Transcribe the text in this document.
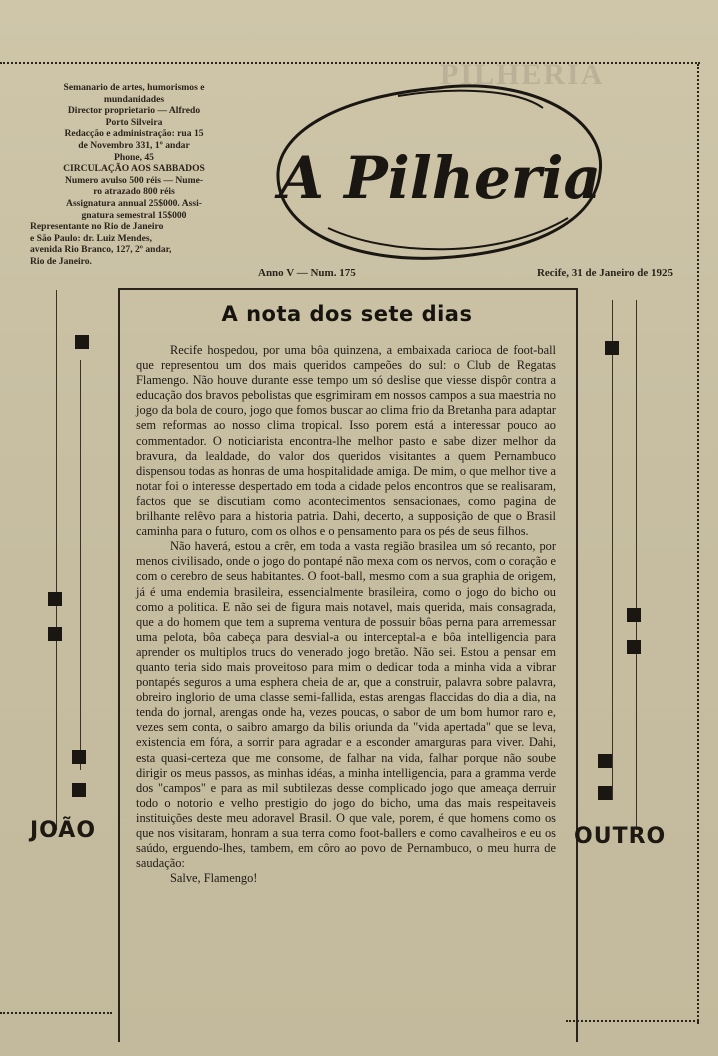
PILHERIA
Semanario de artes, humorismos e
mundanidades
Director proprietario — Alfredo
Porto Silveira
Redacção e administração: rua 15
de Novembro 331, 1º andar
Phone, 45
CIRCULAÇÃO AOS SABBADOS
Numero avulso 500 réis — Nume-
ro atrazado 800 réis
Assignatura annual 25$000. Assi-
gnatura semestral 15$000
Representante no Rio de Janeiro
e São Paulo: dr. Luiz Mendes,
avenida Rio Branco, 127, 2º andar,
Rio de Janeiro.
A Pilheria
Anno V — Num. 175	Recife, 31 de Janeiro de 1925
A nota dos sete dias

Recife hospedou, por uma bôa quinzena, a embaixada carioca de foot-ball que representou um dos mais queridos campeões do sul: o Club de Regatas Flamengo. Não houve durante esse tempo um só deslise que viesse dispôr contra a educação dos bravos pebolistas que esgrimiram em nossos campos a sua maestria no jogo da bola de couro, jogo que fomos buscar ao clima frio da Bretanha para adaptar sem reformas ao nosso clima tropical. Isso porem está a interessar pouco ao commentador. O noticiarista encontra-lhe melhor pasto e sabe dizer melhor da bravura, da lealdade, do valor dos queridos visitantes a quem Pernambuco dispensou todas as honras de uma hospitalidade amiga. De mim, o que melhor tive a notar foi o interesse despertado em toda a cidade pelos encontros que se realisaram, factos que se discutiam como acontecimentos sensacionaes, como pagina de brilhante relêvo para a historia patria. Dahi, decerto, a supposição de que o Brasil caminha para o futuro, com os olhos e o pensamento para os pés de seus filhos.

Não haverá, estou a crêr, em toda a vasta região brasilea um só recanto, por menos civilisado, onde o jogo do pontapé não mexa com os nervos, com o coração e com o cerebro de seus habitantes. O foot-ball, mesmo com a sua graphia de origem, já é uma endemia brasileira, essencialmente brasileira, como o jogo do bicho ou como a politica. E não sei de figura mais notavel, mais querida, mais consagrada, que a do homem que tem a suprema ventura de possuir bôas perna para arremessar uma pelota, bôa cabeça para desvial-a ou interceptal-a e bôa intelligencia para aprender os multiplos trucs do venerado jogo bretão. Não sei. Estou a pensar em quanto teria sido mais proveitoso para mim o dedicar toda a minha vida a vibrar pontapés seguros a uma esphera cheia de ar, que a construir, palavra sobre palavra, obreiro inglorio de uma classe semi-fallida, estas arengas flaccidas do dia a dia, na tenda do jornal, arengas onde ha, vezes poucas, o sabor de um bom humor raro e, vezes sem conta, o saibro amargo da bilis oriunda da "vida apertada" que se leva, existencia em fóra, a sorrir para agradar e a esconder amarguras para viver. Dahi, esta quasi-certeza que me consome, de falhar na vida, falhar porque não soube dirigir os meus passos, as minhas idéas, a minha intelligencia, para a gramma verde dos "campos" e para as mil subtilezas desse complicado jogo que ameaça derruir todo o notorio e velho prestigio do jogo do bicho, uma das mais respeitaveis instituições deste meu adoravel Brasil. O que vale, porem, é que homens como os que nos visitaram, honram a sua terra como foot-ballers e como cavalheiros e eu os saúdo, erguendo-lhes, tambem, em côro ao povo de Pernambuco, o meu hurra de saudação:

Salve, Flamengo!

JOÃO	OUTRO
